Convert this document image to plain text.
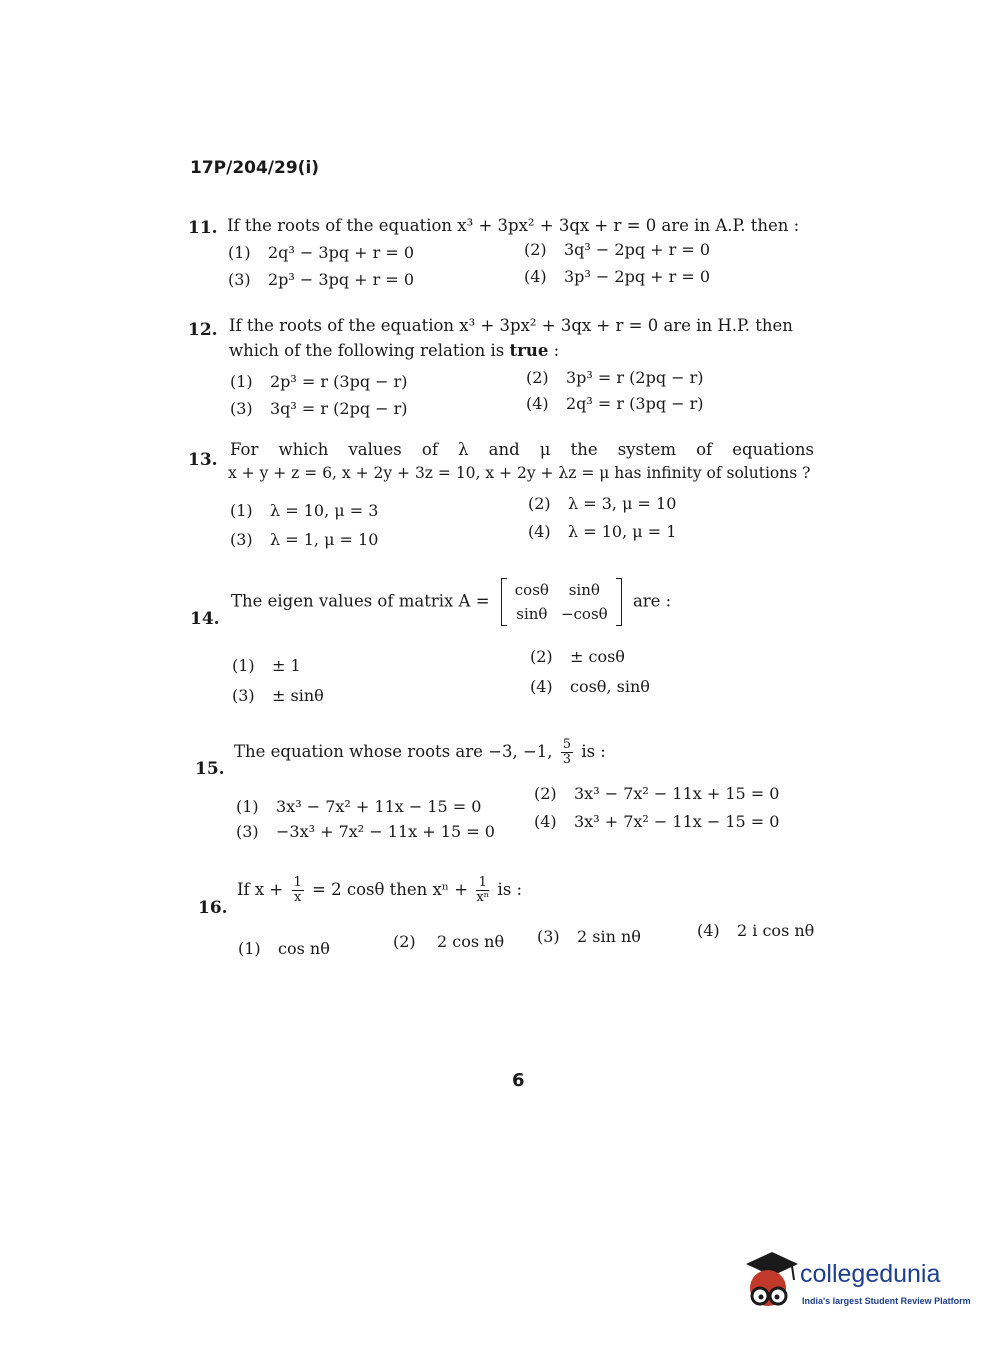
17P/204/29(i)
11. If the roots of the equation x³ + 3px² + 3qx + r = 0 are in A.P. then :
(1) 2q³ − 3pq + r = 0	(2) 3q³ − 2pq + r = 0
(3) 2p³ − 3pq + r = 0	(4) 3p³ − 2pq + r = 0
12. If the roots of the equation x³ + 3px² + 3qx + r = 0 are in H.P. then
which of the following relation is true :
(1) 2p³ = r (3pq − r)	(2) 3p³ = r (2pq − r)
(3) 3q³ = r (2pq − r)	(4) 2q³ = r (3pq − r)
13.
For which values of λ and μ the system of equations
x + y + z = 6, x + 2y + 3z = 10, x + 2y + λz = μ has infinity of solutions ?
(1) λ = 10, μ = 3	(2) λ = 3, μ = 10
(3) λ = 1, μ = 10	(4) λ = 10, μ = 1
14.
The eigen values of matrix A =
cosθ	sinθ
sinθ	−cosθ
are :
(1) ± 1	(2) ± cosθ
(3) ± sinθ	(4) cosθ, sinθ
15.
The equation whose roots are −3, −1, $\frac{5}{3}$ is :
(1) 3x³ − 7x² + 11x − 15 = 0
(2) 3x³ − 7x² − 11x + 15 = 0
(3) −3x³ + 7x² − 11x + 15 = 0
(4) 3x³ + 7x² − 11x − 15 = 0
16.
If $x + \frac{1}{x} = 2$ cosθ then $x^n + \frac{1}{\text{xⁿ}}$ is :
(1) cos nθ	(2) 2 cos nθ (3) 2 sin nθ	(4) 2 i cos nθ
6
collegedunia
India's largest Student Review Platform
